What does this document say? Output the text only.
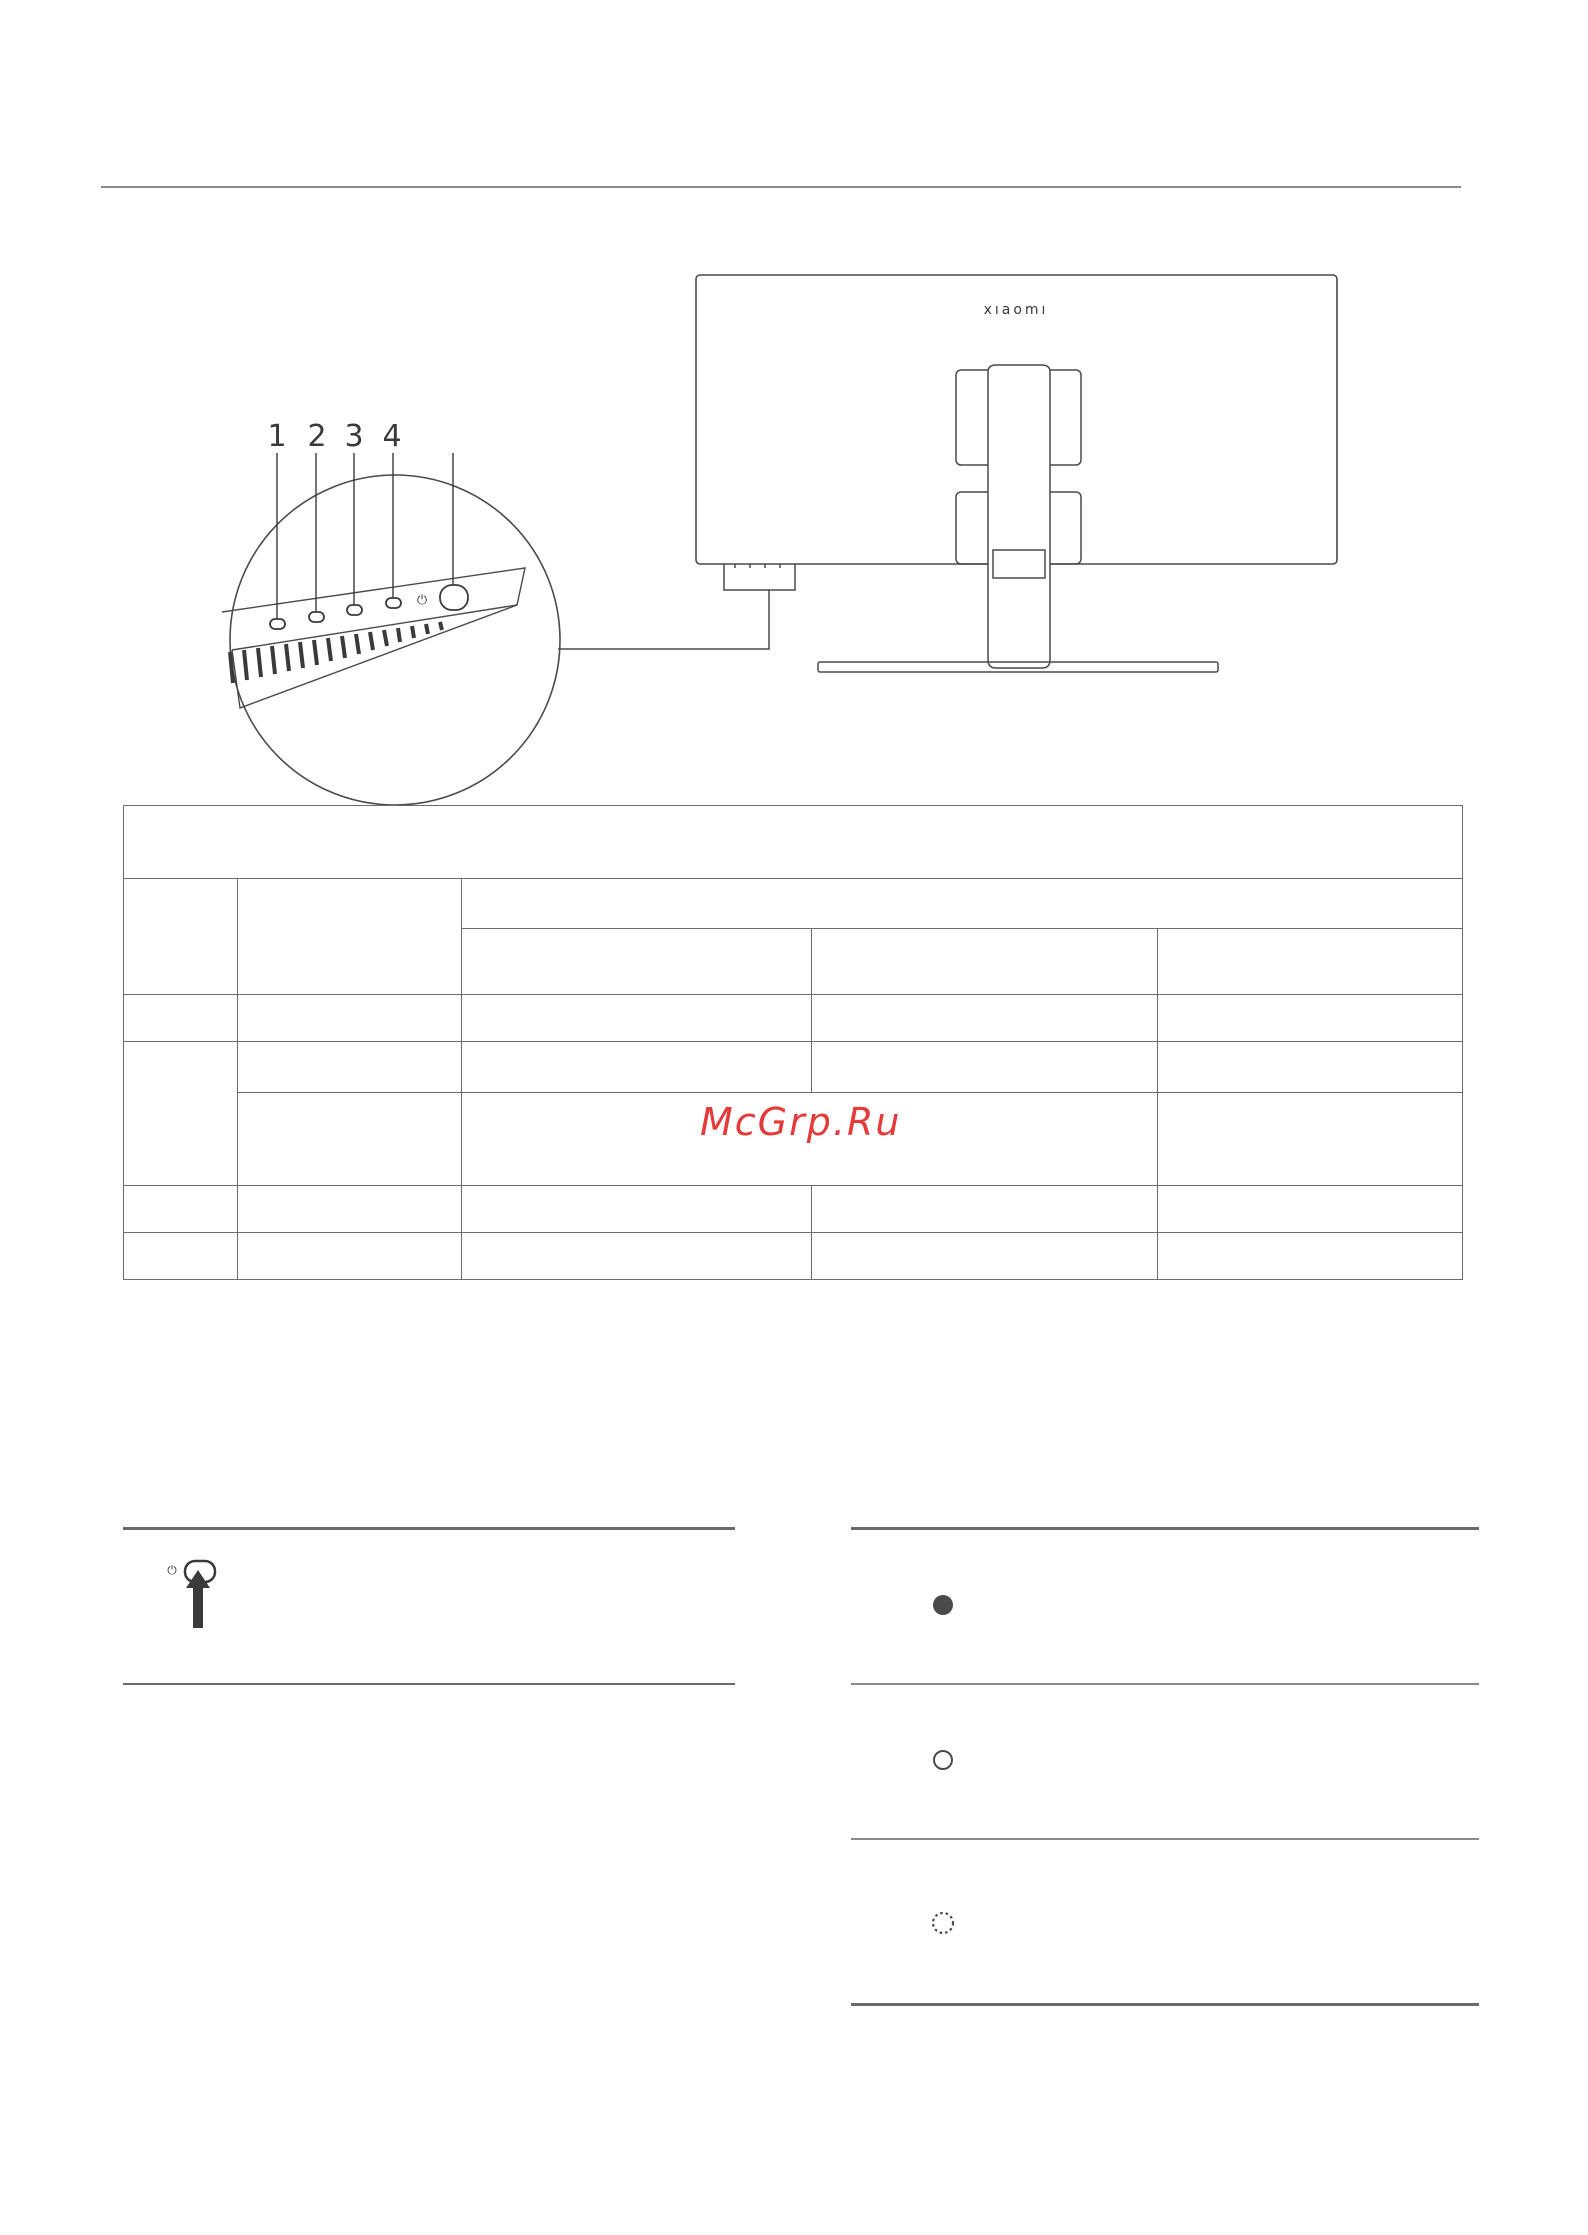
xıaomı
⏻
1 2 3 4

McGrp.Ru
⏻
